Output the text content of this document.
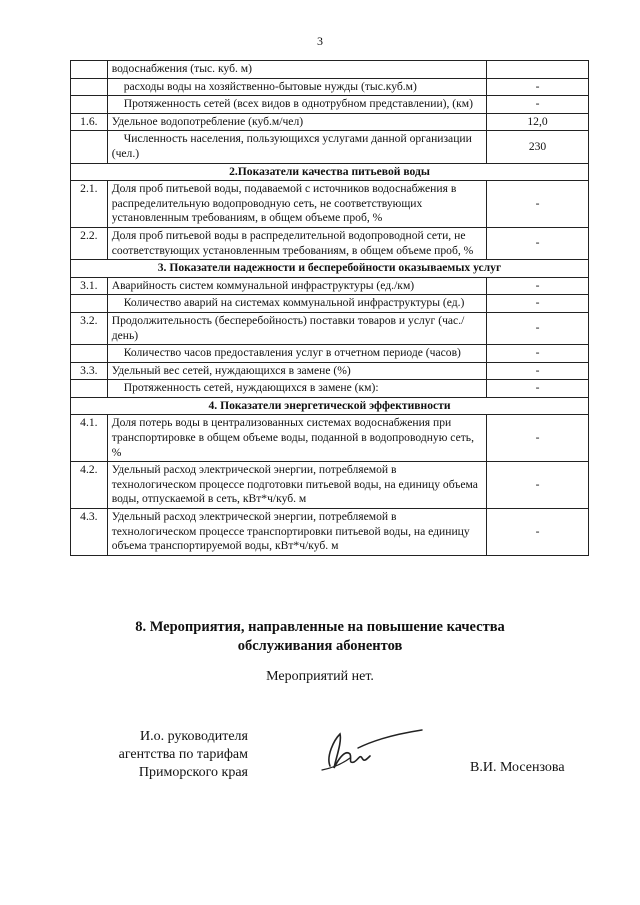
3
	водоснабжения (тыс. куб. м)	
	расходы воды на хозяйственно-бытовые нужды (тыс.куб.м)	-
	Протяженность сетей (всех видов в однотрубном представлении), (км)	-
1.6.	Удельное водопотребление (куб.м/чел)	12,0
	Численность населения, пользующихся услугами данной организации (чел.)	230
2.Показатели качества питьевой воды		
2.1.	Доля проб питьевой воды, подаваемой с источников водоснабжения в распределительную водопроводную сеть, не соответствующих установленным требованиям, в общем объеме проб, %	-
2.2.	Доля проб питьевой воды в распределительной водопроводной сети, не соответствующих установленным требованиям, в общем объеме проб, %	-
3. Показатели надежности и бесперебойности оказываемых услуг		
3.1.	Аварийность систем коммунальной инфраструктуры (ед./км)	-
	Количество аварий на системах коммунальной инфраструктуры (ед.)	-
3.2.	Продолжительность (бесперебойность) поставки товаров и услуг (час./день)	-
	Количество часов предоставления услуг в отчетном периоде (часов)	-
3.3.	Удельный вес сетей, нуждающихся в замене (%)	-
	Протяженность сетей, нуждающихся в замене (км):	-
4. Показатели энергетической эффективности		
4.1.	Доля потерь воды в централизованных системах водоснабжения при транспортировке в общем объеме воды, поданной в водопроводную сеть, %	-
4.2.	Удельный расход электрической энергии, потребляемой в технологическом процессе подготовки питьевой воды, на единицу объема воды, отпускаемой в сеть, кВт*ч/куб. м	-
4.3.	Удельный расход электрической энергии, потребляемой в технологическом процессе транспортировки питьевой воды, на единицу объема транспортируемой воды, кВт*ч/куб. м	-
8. Мероприятия, направленные на повышение качества
обслуживания абонентов
Мероприятий нет.
И.о. руководителя
агентства по тарифам
Приморского края	В.И. Мосензова
